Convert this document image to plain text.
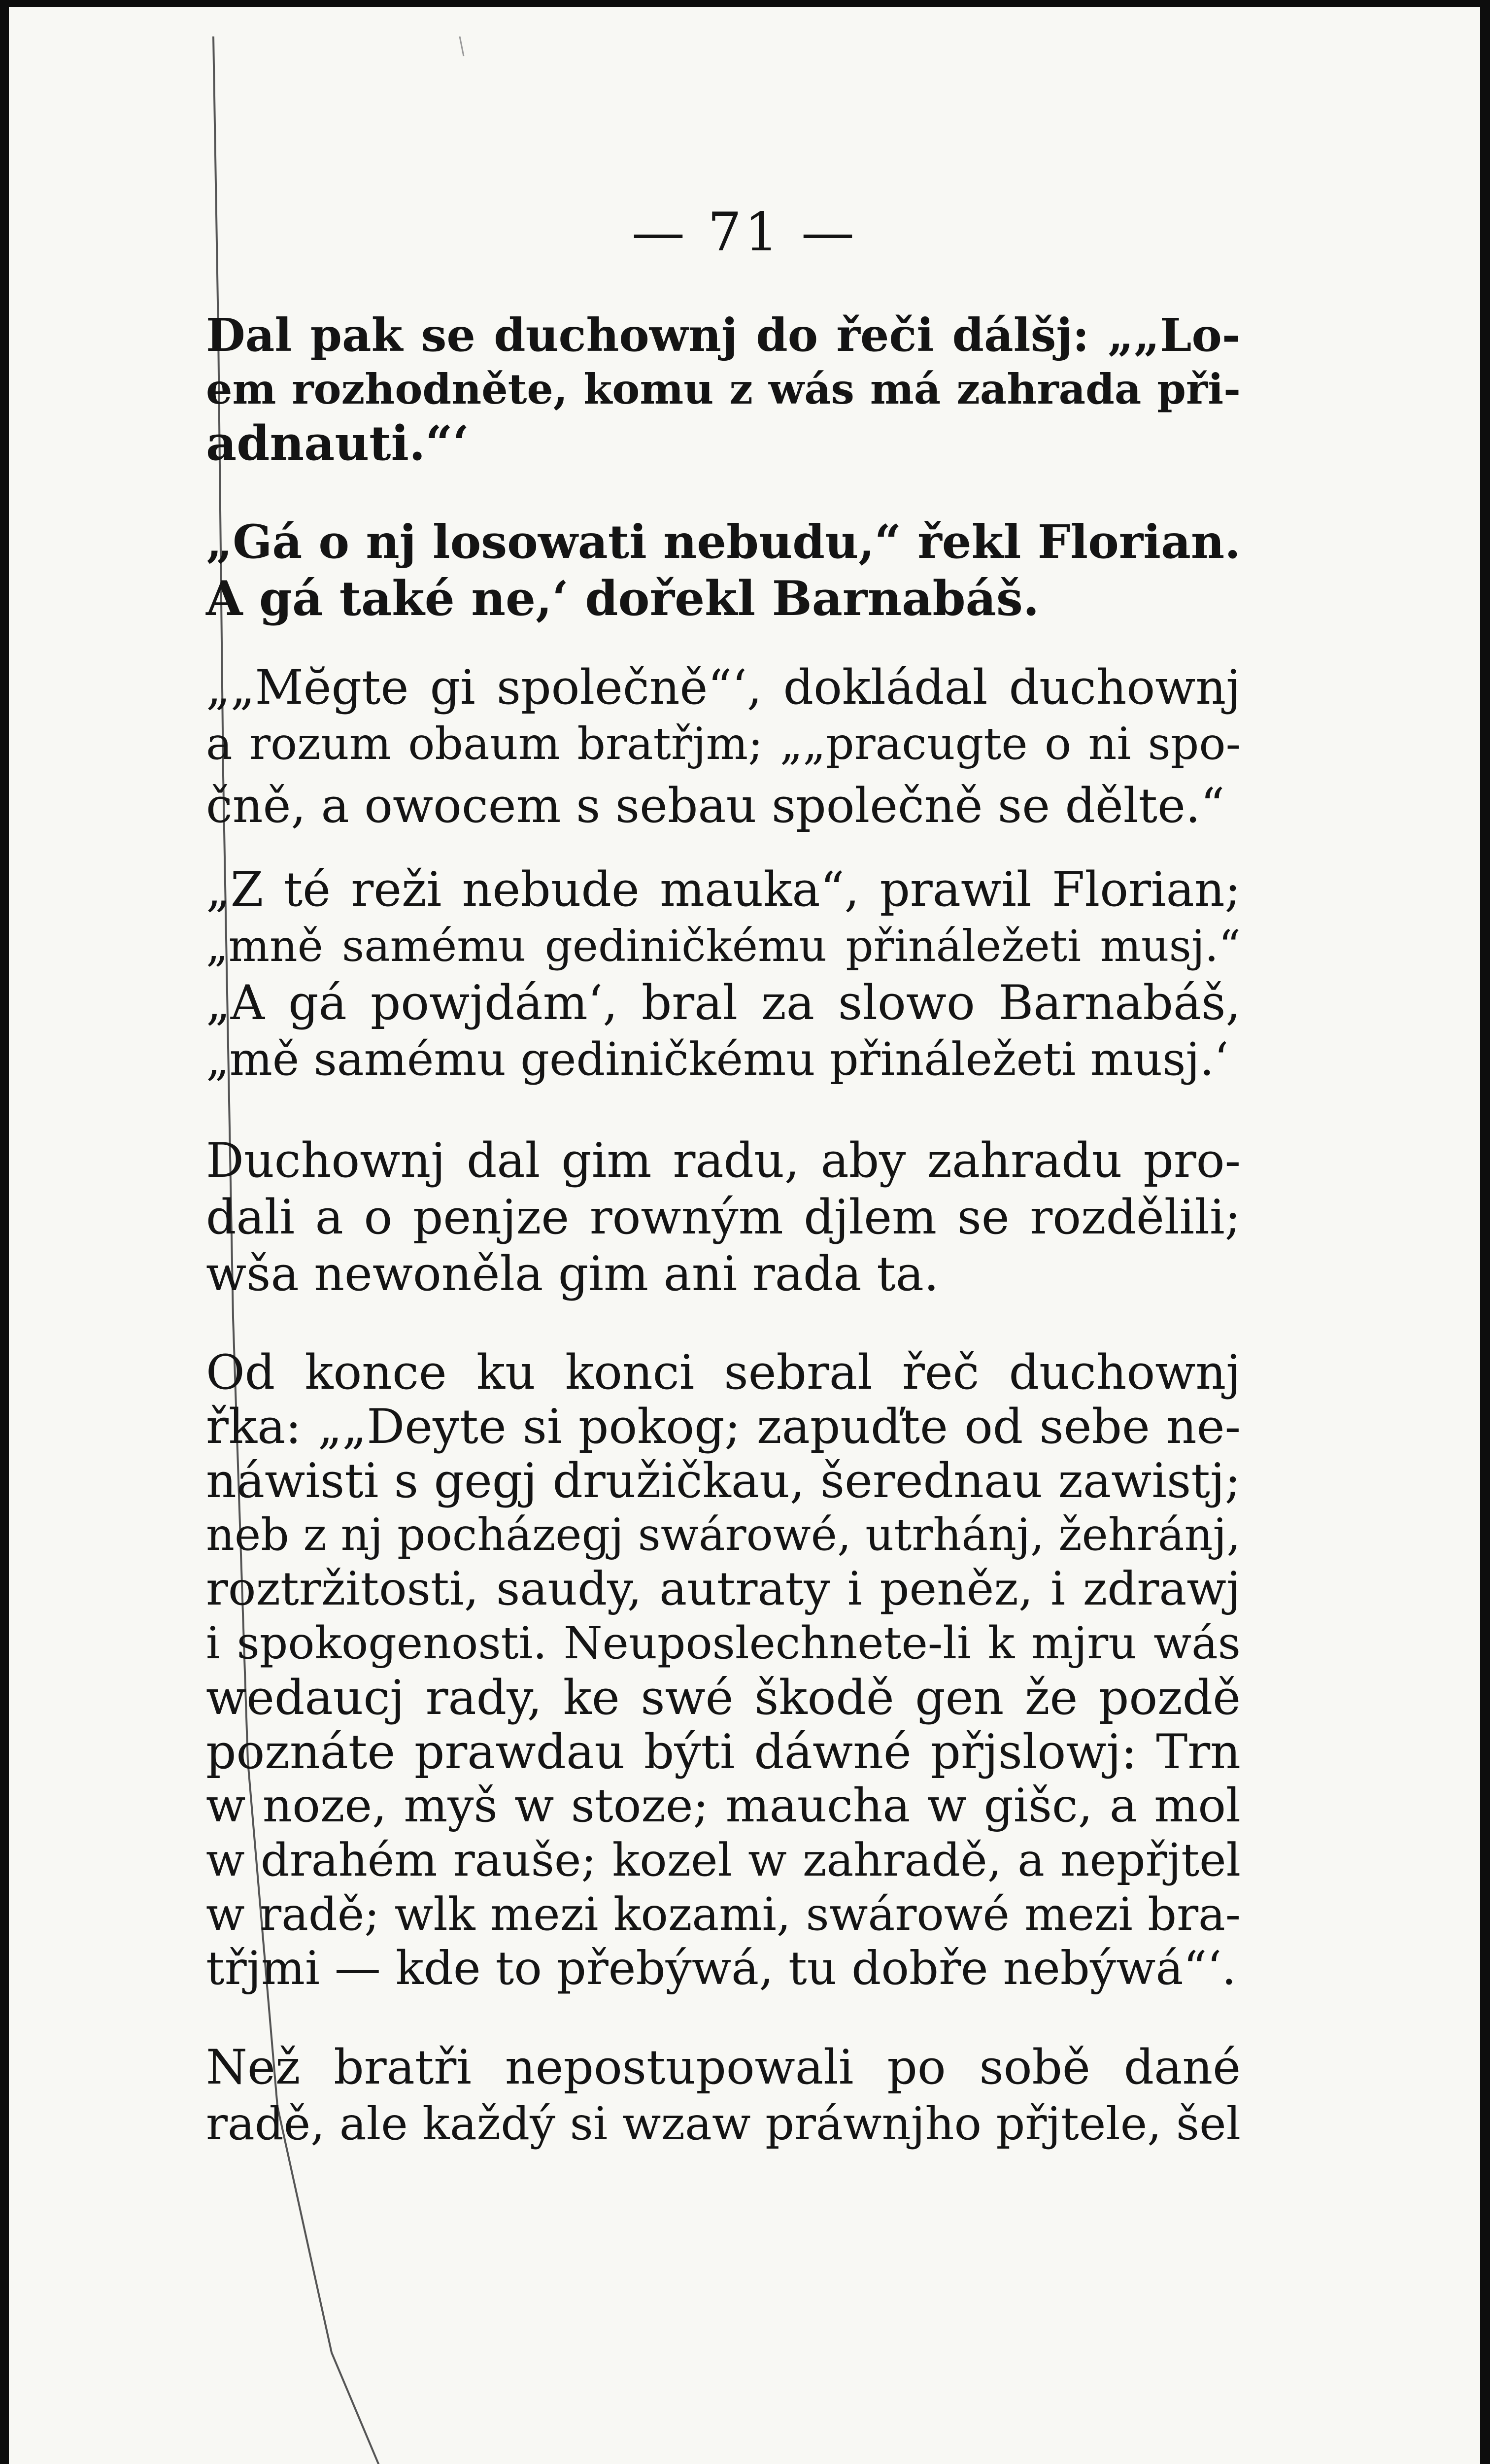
— 71 —
Dal pak se duchownj do řeči dálšj: „„Lo-
em rozhodněte, komu z wás má zahrada při-
adnauti.“‘
„Gá o nj losowati nebudu,“ řekl Florian.
A gá také ne,‘ dořekl Barnabáš.
„„Mĕgte gi společně“‘, dokládal duchownj
a rozum obaum bratřjm; „„pracugte o ni spo-
čně, a owocem s sebau společně se dělte.“
„Z té reži nebude mauka“, prawil Florian;
„mně samému gediničkému přináležeti musj.“
„A gá powjdám‘, bral za slowo Barnabáš,
„mě samému gediničkému přináležeti musj.‘
Duchownj dal gim radu, aby zahradu pro-
dali a o penjze rowným djlem se rozdělili;
wša newoněla gim ani rada ta.
Od konce ku konci sebral řeč duchownj
řka: „„Deyte si pokog; zapuďte od sebe ne-
náwisti s gegj družičkau, šerednau zawistj;
neb z nj pocházegj swárowé, utrhánj, žehránj,
roztržitosti, saudy, autraty i peněz, i zdrawj
i spokogenosti. Neuposlechnete-li k mjru wás
wedaucj rady, ke swé škodě gen že pozdě
poznáte prawdau býti dáwné přjslowj: Trn
w noze, myš w stoze; maucha w gišc, a mol
w drahém rauše; kozel w zahradě, a nepřjtel
w radě; wlk mezi kozami, swárowé mezi bra-
třjmi — kde to přebýwá, tu dobře nebýwá“‘.
Než bratři nepostupowali po sobě dané
radě, ale každý si wzaw práwnjho přjtele, šel
